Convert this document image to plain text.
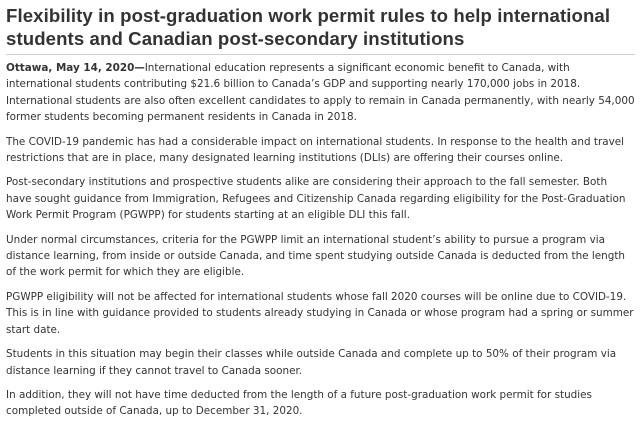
Flexibility in post-graduation work permit rules to help international students and Canadian post-secondary institutions

Ottawa, May 14, 2020—International education represents a significant economic benefit to Canada, with international students contributing $21.6 billion to Canada’s GDP and supporting nearly 170,000 jobs in 2018. International students are also often excellent candidates to apply to remain in Canada permanently, with nearly 54,000 former students becoming permanent residents in Canada in 2018.

The COVID-19 pandemic has had a considerable impact on international students. In response to the health and travel restrictions that are in place, many designated learning institutions (DLIs) are offering their courses online.

Post-secondary institutions and prospective students alike are considering their approach to the fall semester. Both have sought guidance from Immigration, Refugees and Citizenship Canada regarding eligibility for the Post-Graduation Work Permit Program (PGWPP) for students starting at an eligible DLI this fall.

Under normal circumstances, criteria for the PGWPP limit an international student’s ability to pursue a program via distance learning, from inside or outside Canada, and time spent studying outside Canada is deducted from the length of the work permit for which they are eligible.

PGWPP eligibility will not be affected for international students whose fall 2020 courses will be online due to COVID-19. This is in line with guidance provided to students already studying in Canada or whose program had a spring or summer start date.

Students in this situation may begin their classes while outside Canada and complete up to 50% of their program via distance learning if they cannot travel to Canada sooner.

In addition, they will not have time deducted from the length of a future post-graduation work permit for studies completed outside of Canada, up to December 31, 2020.
